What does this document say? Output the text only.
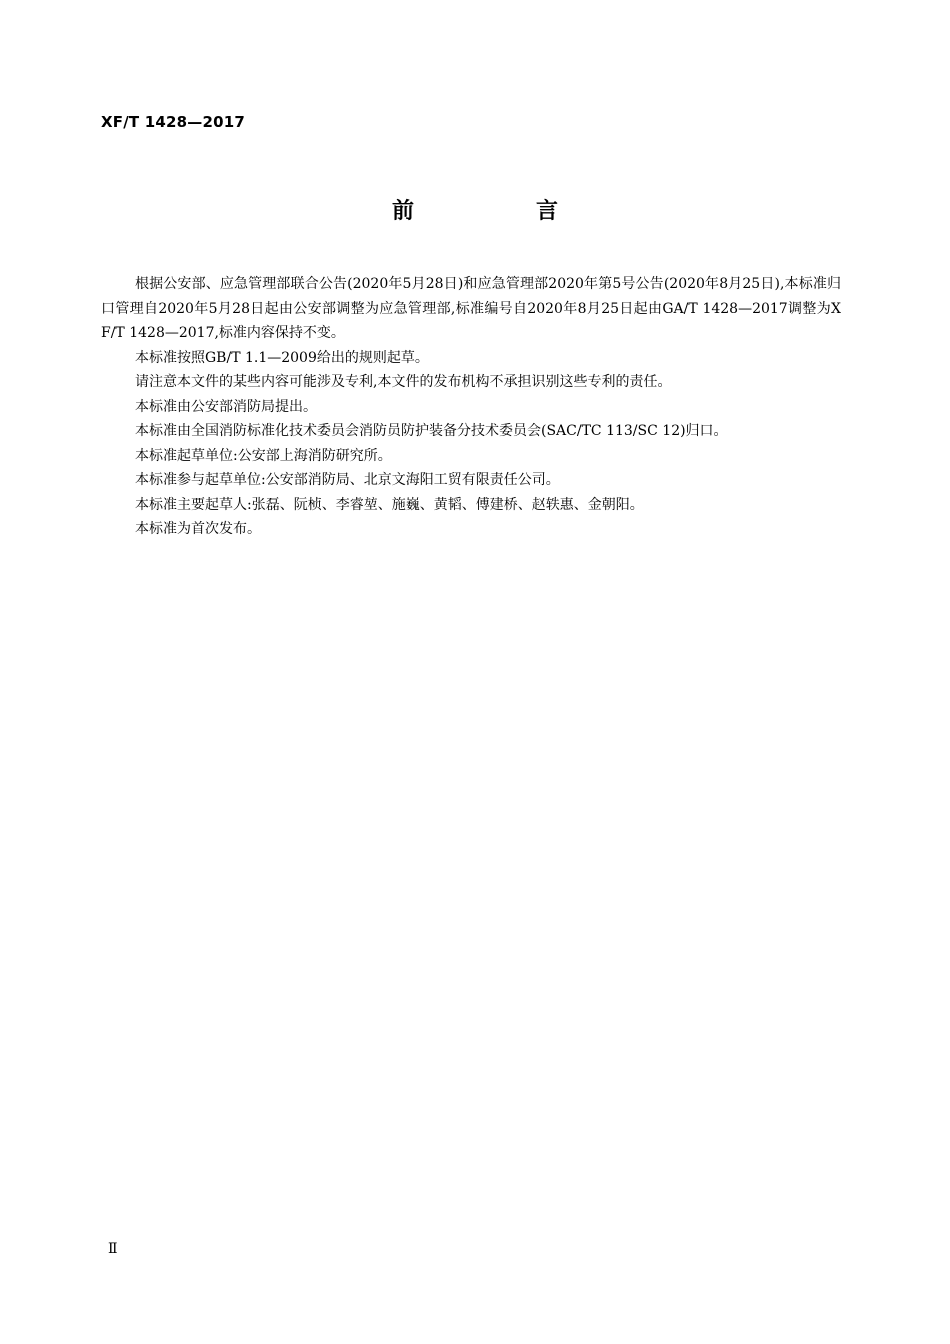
XF/T 1428—2017
前　言

根据公安部、应急管理部联合公告(2020年5月28日)和应急管理部2020年第5号公告(2020年8月25日),本标准归口管理自2020年5月28日起由公安部调整为应急管理部,标准编号自2020年8月25日起由GA/T 1428—2017调整为XF/T 1428—2017,标准内容保持不变。

本标准按照GB/T 1.1—2009给出的规则起草。

请注意本文件的某些内容可能涉及专利,本文件的发布机构不承担识别这些专利的责任。

本标准由公安部消防局提出。

本标准由全国消防标准化技术委员会消防员防护装备分技术委员会(SAC/TC 113/SC 12)归口。

本标准起草单位:公安部上海消防研究所。

本标准参与起草单位:公安部消防局、北京文海阳工贸有限责任公司。

本标准主要起草人:张磊、阮桢、李睿堃、施巍、黄韬、傅建桥、赵轶惠、金朝阳。

本标准为首次发布。

Ⅱ
